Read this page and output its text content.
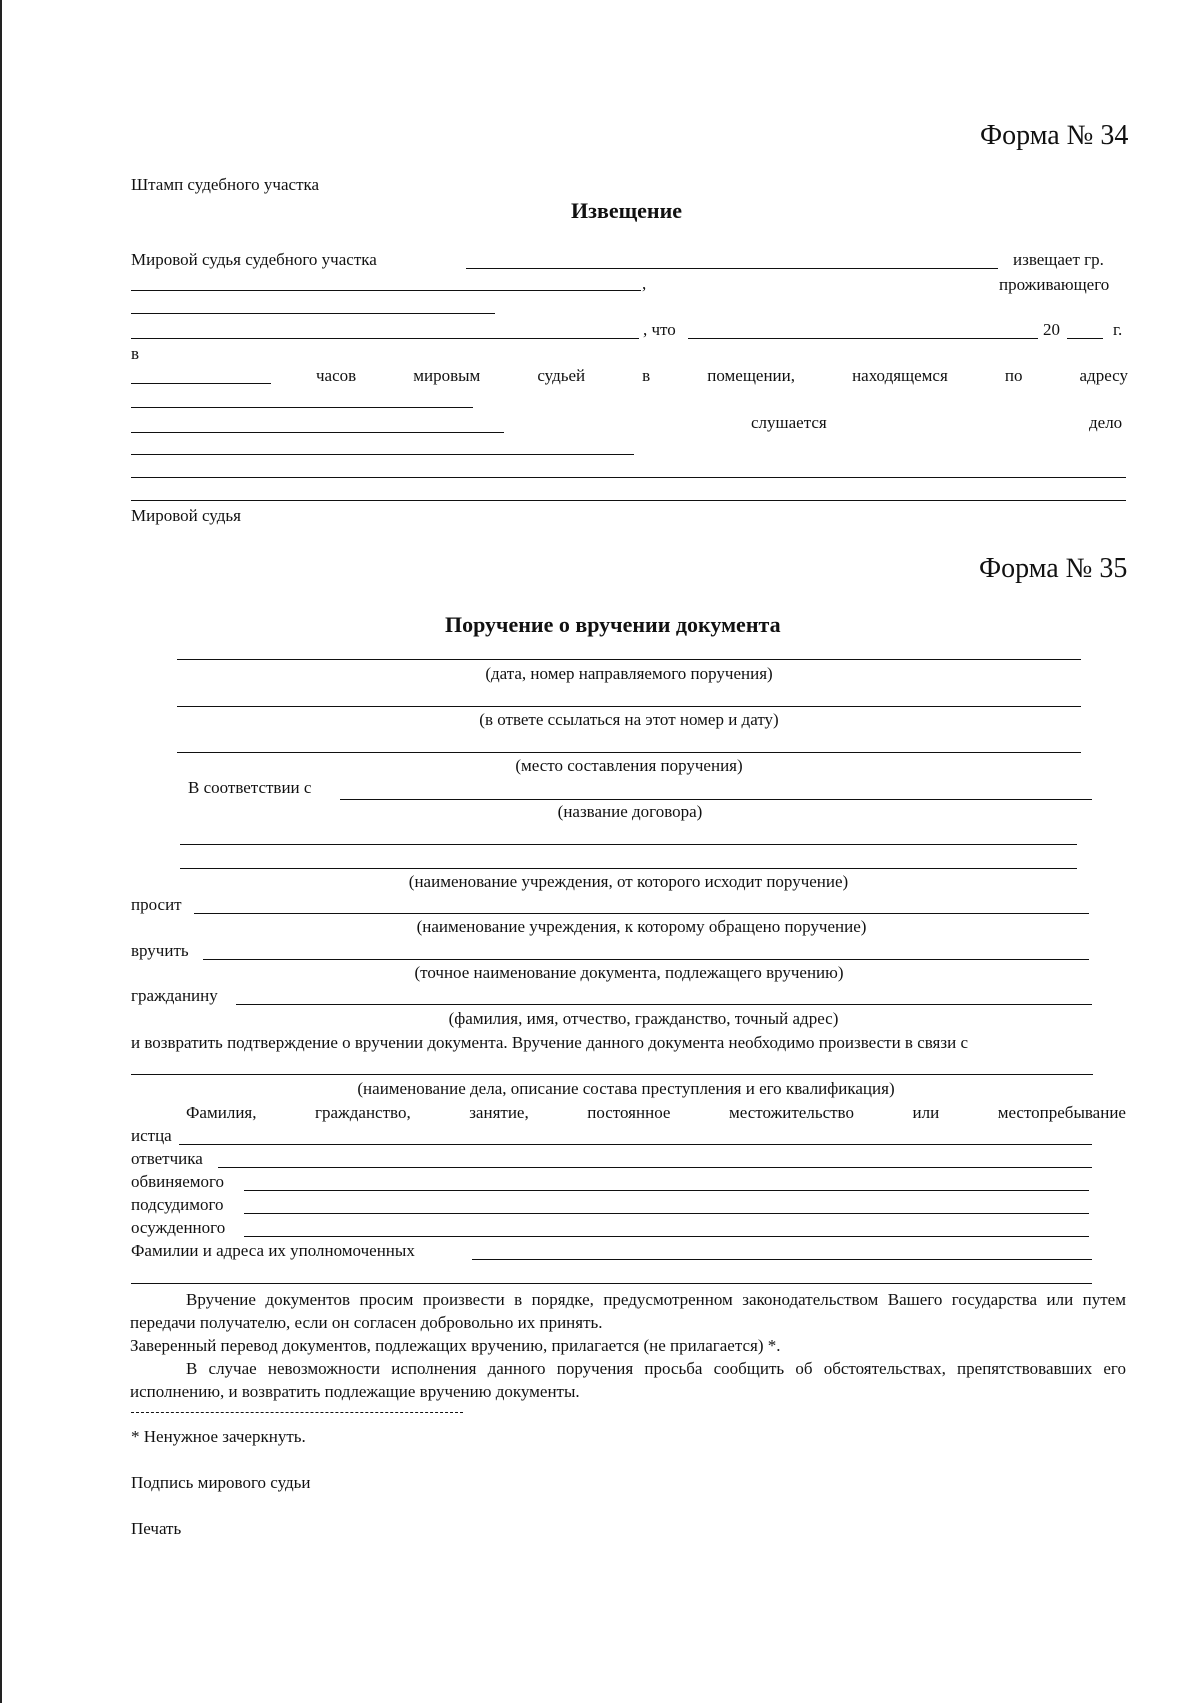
Форма № 34
Штамп судебного участка
Извещение
Мировой судья судебного участка	извещает гр.
,	проживающего
, что	20	г.
в
часов	мировым	судьей	в	помещении,	находящемся	по	адресу
слушается	дело
Мировой судья
Форма № 35
Поручение о вручении документа
(дата, номер направляемого поручения)
(в ответе ссылаться на этот номер и дату)
(место составления поручения)
В соответствии с
(название договора)
(наименование учреждения, от которого исходит поручение)
просит
(наименование учреждения, к которому обращено поручение)
вручить
(точное наименование документа, подлежащего вручению)
гражданину
(фамилия, имя, отчество, гражданство, точный адрес)
и возвратить подтверждение о вручении документа. Вручение данного документа необходимо произвести в связи с
(наименование дела, описание состава преступления и его квалификация)
Фамилия,	гражданство,	занятие,	постоянное	местожительство	или	местопребывание
истца
ответчика
обвиняемого
подсудимого
осужденного
Фамилии и адреса их уполномоченных
Вручение документов просим произвести в порядке, предусмотренном законодательством Вашего государства или путем передачи получателю, если он согласен добровольно их принять.
Заверенный перевод документов, подлежащих вручению, прилагается (не прилагается) *.
В случае невозможности исполнения данного поручения просьба сообщить об обстоятельствах, препятствовавших его исполнению, и возвратить подлежащие вручению документы.
* Ненужное зачеркнуть.
Подпись мирового судьи
Печать
